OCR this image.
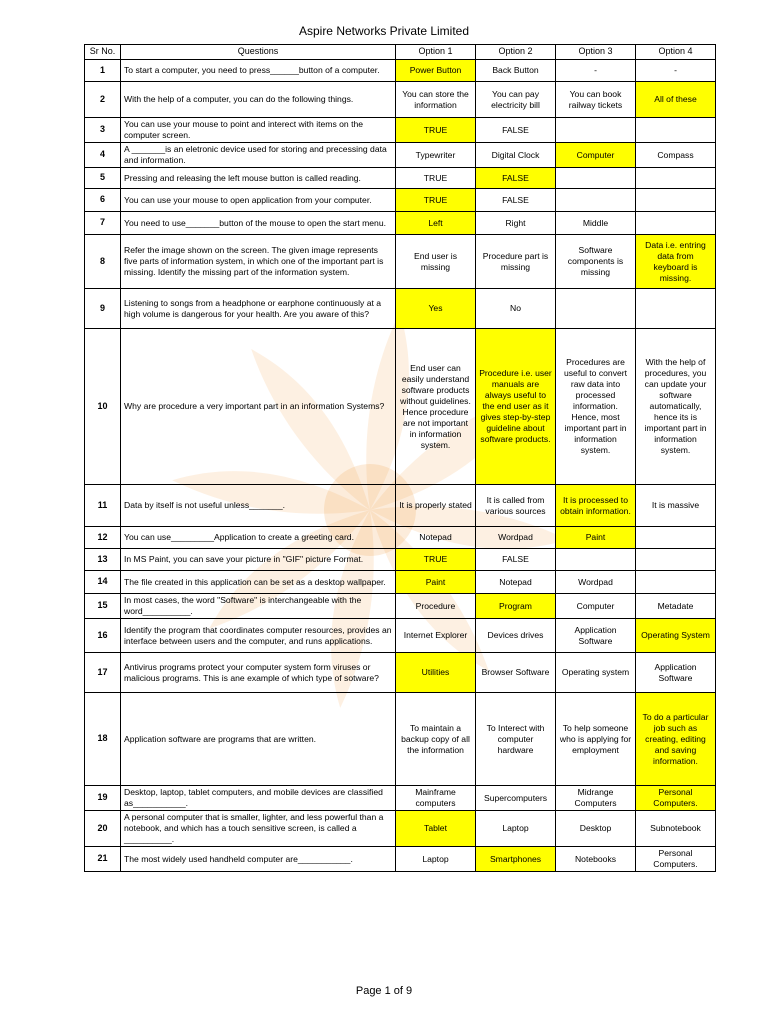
Aspire Networks Private Limited
Sr No.	Questions	Option 1	Option 2	Option 3	Option 4
1	To start a computer, you need to press______button of a computer.	Power Button	Back Button	-	-
2	With the help of a computer, you can do the following things.	You can store the information	You can pay electricity bill	You can book railway tickets	All of these
3	You can use your mouse to point and interect with items on the computer screen.	TRUE	FALSE		
4	A _______is an eletronic device used for storing and precessing data and information.	Typewriter	Digital Clock	Computer	Compass
5	Pressing and releasing the left mouse button is called reading.	TRUE	FALSE		
6	You can use your mouse to open application from your computer.	TRUE	FALSE		
7	You need to use_______button of the mouse to open the start menu.	Left	Right	Middle	
8	Refer the image shown on the screen. The given image represents five parts of information system, in which one of the important part is missing. Identify the missing part of the information system.	End user is missing	Procedure part is missing	Software components is missing	Data i.e. entring data from keyboard is missing.
9	Listening to songs from a headphone or earphone continuously at a high volume is dangerous for your health. Are you aware of this?	Yes	No		
10	Why are procedure a very important part in an information Systems?	End user can easily understand software products without guidelines. Hence procedure are not important in information system.	Procedure i.e. user manuals are always useful to the end user as it gives step-by-step guideline about software products.	Procedures are useful to convert raw data into processed information. Hence, most important part in information system.	With the help of procedures, you can update your software automatically, hence its is important part in information system.
11	Data by itself is not useful unless_______.	It is properly stated	It is called from various sources	It is processed to obtain information.	It is massive
12	You can use_________Application to create a greeting card.	Notepad	Wordpad	Paint	
13	In MS Paint, you can save your picture in "GIF" picture Format.	TRUE	FALSE		
14	The file created in this application can be set as a desktop wallpaper.	Paint	Notepad	Wordpad	
15	In most cases, the word "Software" is interchangeable with the word__________.	Procedure	Program	Computer	Metadate
16	Identify the program that coordinates computer resources, provides an interface between users and the computer, and runs applications.	Internet Explorer	Devices drives	Application Software	Operating System
17	Antivirus programs protect your computer system form viruses or malicious programs. This is ane example of which type of sotware?	Utilities	Browser Software	Operating system	Application Software
18	Application software are programs that are written.	To maintain a backup copy of all the information	To Interect with computer hardware	To help someone who is applying for employment	To do a particular job such as creating, editing and saving information.
19	Desktop, laptop, tablet computers, and mobile devices are classified as___________.	Mainframe computers	Supercomputers	Midrange Computers	Personal Computers.
20	A personal computer that is smaller, lighter, and less powerful than a notebook, and which has a touch sensitive screen, is called a __________.	Tablet	Laptop	Desktop	Subnotebook
21	The most widely used handheld computer are___________.	Laptop	Smartphones	Notebooks	Personal Computers.
Page 1 of 9
